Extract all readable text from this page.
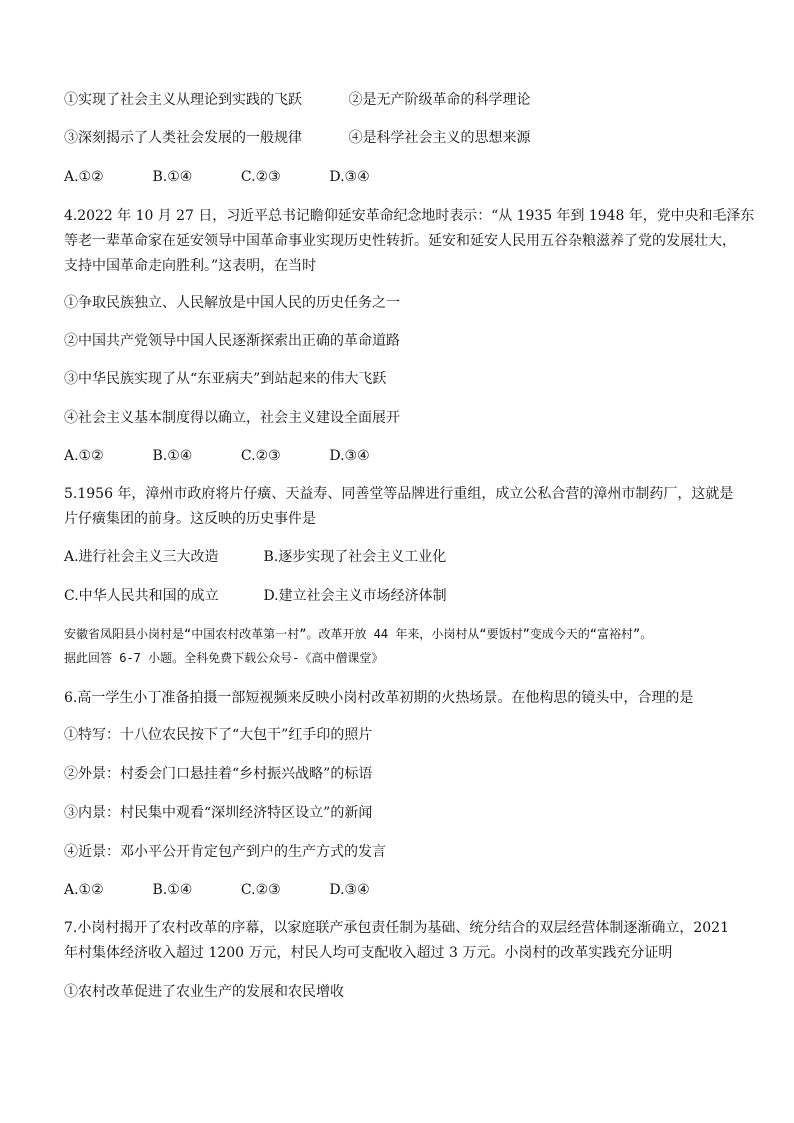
①实现了社会主义从理论到实践的飞跃	②是无产阶级革命的科学理论
③深刻揭示了人类社会发展的一般规律	④是科学社会主义的思想来源
A.①②	B.①④	C.②③	D.③④
4.2022 年 10 月 27 日，习近平总书记瞻仰延安革命纪念地时表示：“从 1935 年到 1948 年，党中央和毛泽东
等老一辈革命家在延安领导中国革命事业实现历史性转折。延安和延安人民用五谷杂粮滋养了党的发展壮大，
支持中国革命走向胜利。”这表明，在当时
①争取民族独立、人民解放是中国人民的历史任务之一
②中国共产党领导中国人民逐渐探索出正确的革命道路
③中华民族实现了从“东亚病夫”到站起来的伟大飞跃
④社会主义基本制度得以确立，社会主义建设全面展开
A.①②	B.①④	C.②③	D.③④
5.1956 年，漳州市政府将片仔癀、天益寿、同善堂等品牌进行重组，成立公私合营的漳州市制药厂，这就是
片仔癀集团的前身。这反映的历史事件是
A.进行社会主义三大改造	B.逐步实现了社会主义工业化
C.中华人民共和国的成立	D.建立社会主义市场经济体制
安徽省凤阳县小岗村是“中国农村改革第一村”。改革开放 44 年来，小岗村从“要饭村”变成今天的“富裕村”。
据此回答 6-7 小题。全科免费下载公众号-《高中僧课堂》
6.高一学生小丁准备拍摄一部短视频来反映小岗村改革初期的火热场景。在他构思的镜头中，合理的是
①特写：十八位农民按下了“大包干”红手印的照片
②外景：村委会门口悬挂着“乡村振兴战略”的标语
③内景：村民集中观看“深圳经济特区设立”的新闻
④近景：邓小平公开肯定包产到户的生产方式的发言
A.①②	B.①④	C.②③	D.③④
7.小岗村揭开了农村改革的序幕，以家庭联产承包责任制为基础、统分结合的双层经营体制逐渐确立，2021
年村集体经济收入超过 1200 万元，村民人均可支配收入超过 3 万元。小岗村的改革实践充分证明
①农村改革促进了农业生产的发展和农民增收
